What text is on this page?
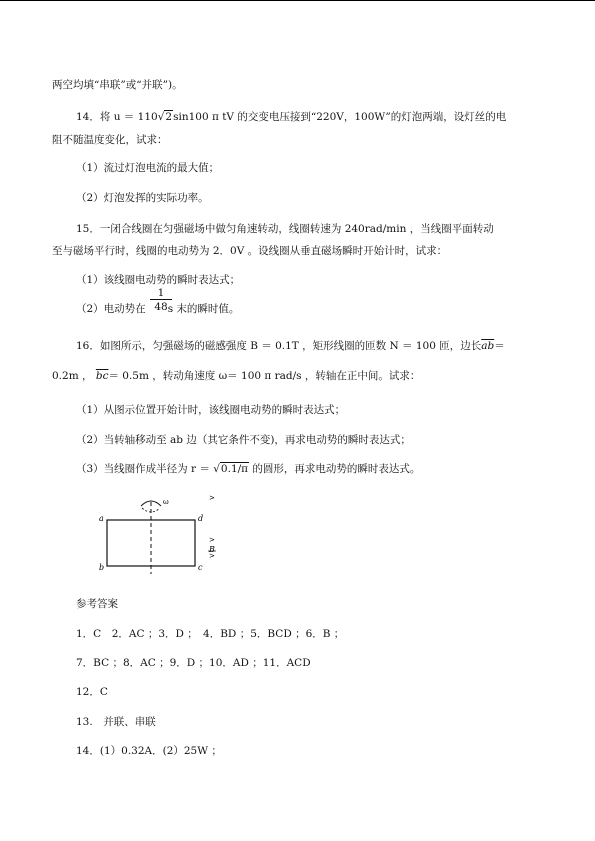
两空均填“串联”或“并联”)。
14．将 u ＝ 110√2sin100 π tV 的交变电压接到“220V，100W”的灯泡两端，设灯丝的电
阻不随温度变化，试求：
（1）流过灯泡电流的最大值；
（2）灯泡发挥的实际功率。
15．一闭合线圈在匀强磁场中做匀角速转动，线圈转速为 240rad/min ，当线圈平面转动
至与磁场平行时，线圈的电动势为 2．0V 。设线圈从垂直磁场瞬时开始计时，试求：
（1）该线圈电动势的瞬时表达式；
（2）电动势在 s 末的瞬时值。
$\frac{1}{48}$
16．如图所示，匀强磁场的磁感强度 B ＝ 0.1T ，矩形线圈的匝数 N ＝ 100 匝，边长$\overline{ab}=$
0.2m ， $\overline{bc}= 0.5m$ ，转动角速度 ω＝ 100 π rad/s ，转轴在正中间。试求：
（1）从图示位置开始计时，该线圈电动势的瞬时表达式；
（2）当转轴移动至 ab 边（其它条件不变)，再求电动势的瞬时表达式；
（3）当线圈作成半径为 r ＝ √0.1/π 的圆形，再求电动势的瞬时表达式。
ω
a	d
b	c
>
>
>
B
参考答案
1．C　2．AC ；3．D ；　4．BD ；5．BCD ；6．B ；
7．BC ；8．AC ；9．D ；10．AD ；11．ACD
12．C
13.　并联、串联
14．(1）0.32A．(2）25W ；
